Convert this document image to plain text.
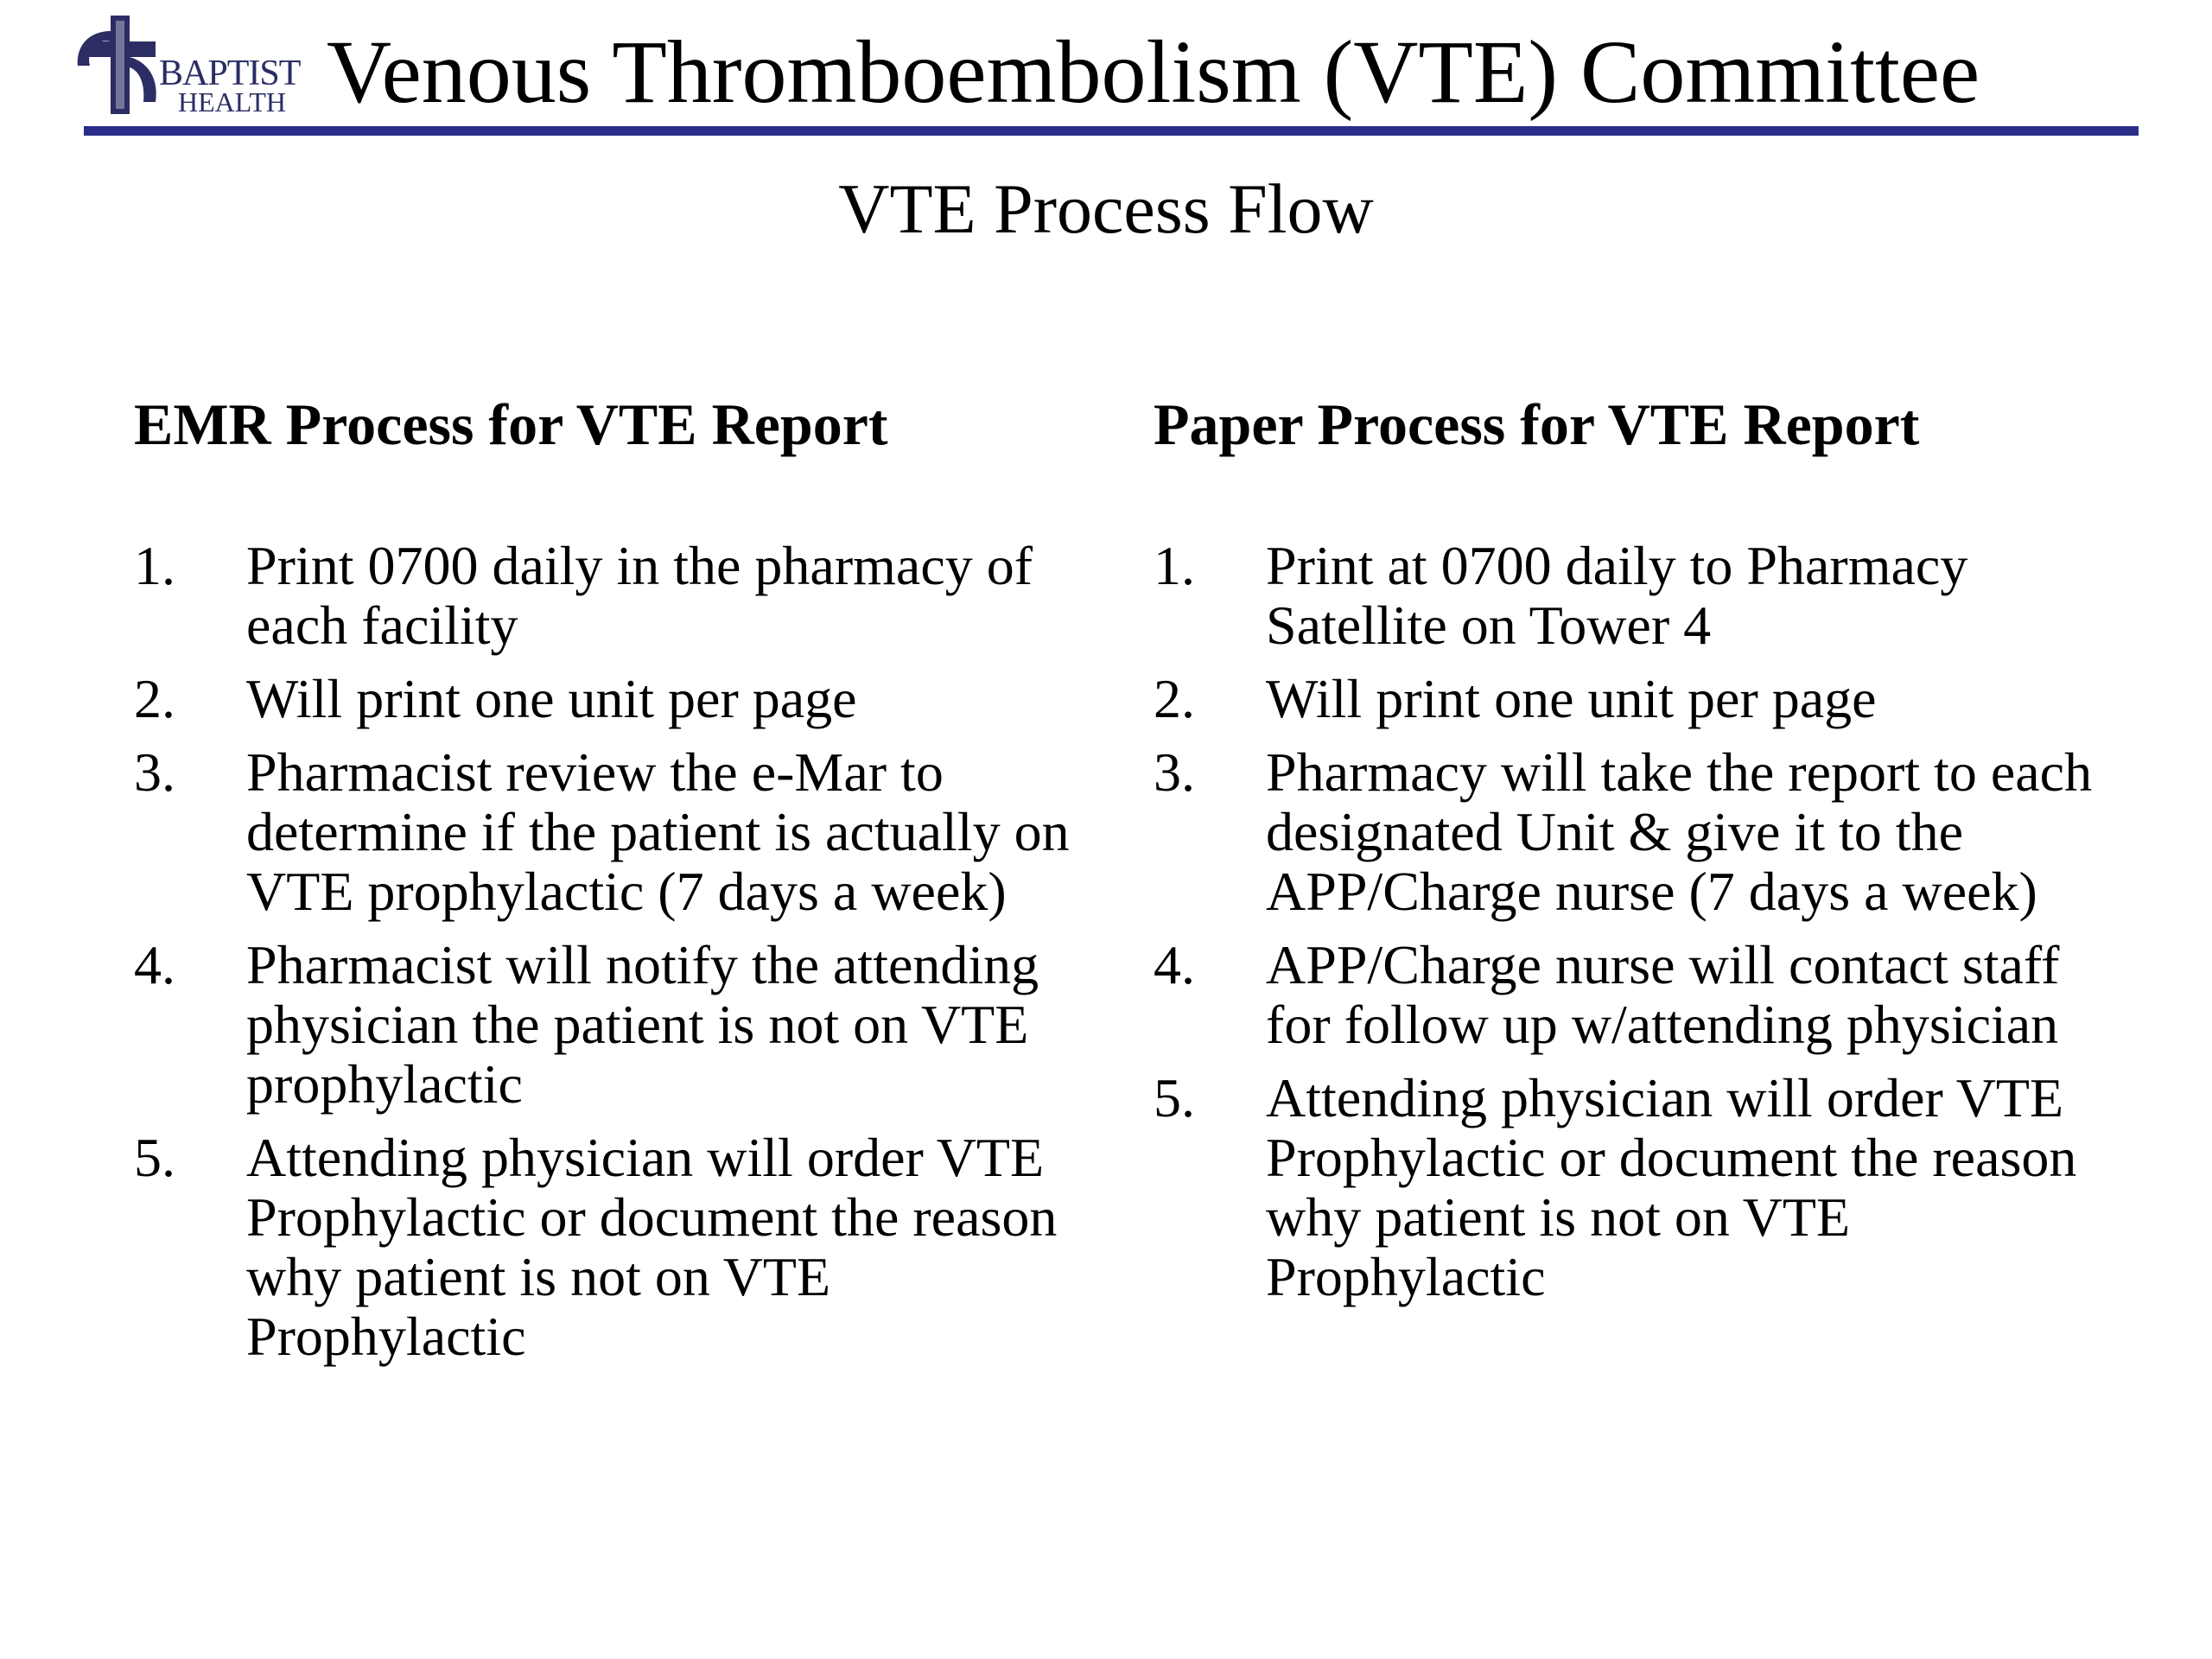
BAPTIST
HEALTH Venous Thromboembolism (VTE) Committee
VTE Process Flow
EMR Process for VTE Report
1. Print 0700 daily in the pharmacy of each facility
2. Will print one unit per page
3. Pharmacist review the e-Mar to determine if the patient is actually on VTE prophylactic (7 days a week)
4. Pharmacist will notify the attending physician the patient is not on VTE prophylactic
5. Attending physician will order VTE Prophylactic or document the reason why patient is not on VTE Prophylactic
Paper Process for VTE Report
1. Print at 0700 daily to Pharmacy Satellite on Tower 4
2. Will print one unit per page
3. Pharmacy will take the report to each designated Unit & give it to the APP/Charge nurse (7 days a week)
4. APP/Charge nurse will contact staff for follow up w/attending physician
5. Attending physician will order VTE Prophylactic or document the reason why patient is not on VTE Prophylactic
